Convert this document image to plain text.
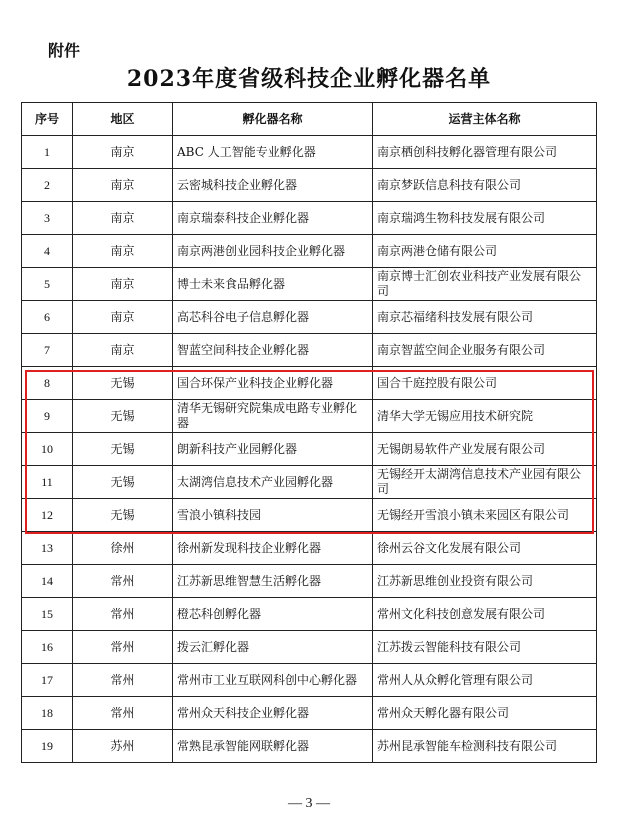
附件
2023年度省级科技企业孵化器名单
序号	地区	孵化器名称	运营主体名称
1	南京	ABC 人工智能专业孵化器	南京栖创科技孵化器管理有限公司
2	南京	云密城科技企业孵化器	南京梦跃信息科技有限公司
3	南京	南京瑞泰科技企业孵化器	南京瑞鸿生物科技发展有限公司
4	南京	南京两港创业园科技企业孵化器	南京两港仓储有限公司
5	南京	博士未来食品孵化器	南京博士汇创农业科技产业发展有限公司
6	南京	高芯科谷电子信息孵化器	南京芯福绪科技发展有限公司
7	南京	智蓝空间科技企业孵化器	南京智蓝空间企业服务有限公司
8	无锡	国合环保产业科技企业孵化器	国合千庭控股有限公司
9	无锡	清华无锡研究院集成电路专业孵化器	清华大学无锡应用技术研究院
10	无锡	朗新科技产业园孵化器	无锡朗易软件产业发展有限公司
11	无锡	太湖湾信息技术产业园孵化器	无锡经开太湖湾信息技术产业园有限公司
12	无锡	雪浪小镇科技园	无锡经开雪浪小镇未来园区有限公司
13	徐州	徐州新发现科技企业孵化器	徐州云谷文化发展有限公司
14	常州	江苏新思维智慧生活孵化器	江苏新思维创业投资有限公司
15	常州	橙芯科创孵化器	常州文化科技创意发展有限公司
16	常州	拨云汇孵化器	江苏拨云智能科技有限公司
17	常州	常州市工业互联网科创中心孵化器	常州人从众孵化管理有限公司
18	常州	常州众天科技企业孵化器	常州众天孵化器有限公司
19	苏州	常熟昆承智能网联孵化器	苏州昆承智能车检测科技有限公司
— 3 —
